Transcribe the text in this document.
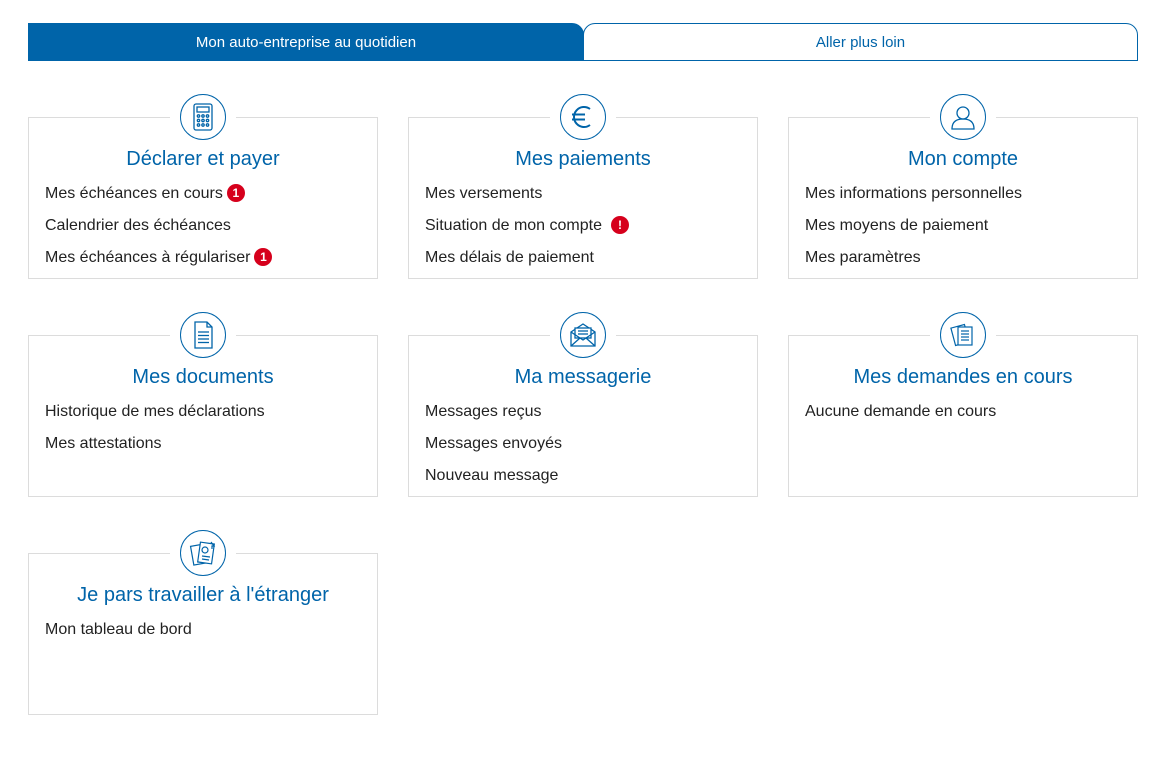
Mon auto-entreprise au quotidien	Aller plus loin
Déclarer et payer
Mes échéances en cours 1
Calendrier des échéances
Mes échéances à régulariser 1
Mes paiements
Mes versements
Situation de mon compte	!
Mes délais de paiement
Mon compte
Mes informations personnelles
Mes moyens de paiement
Mes paramètres
Mes documents
Historique de mes déclarations
Mes attestations
Ma messagerie
Messages reçus
Messages envoyés
Nouveau message
Mes demandes en cours
Aucune demande en cours
Je pars travailler à l'étranger
Mon tableau de bord
